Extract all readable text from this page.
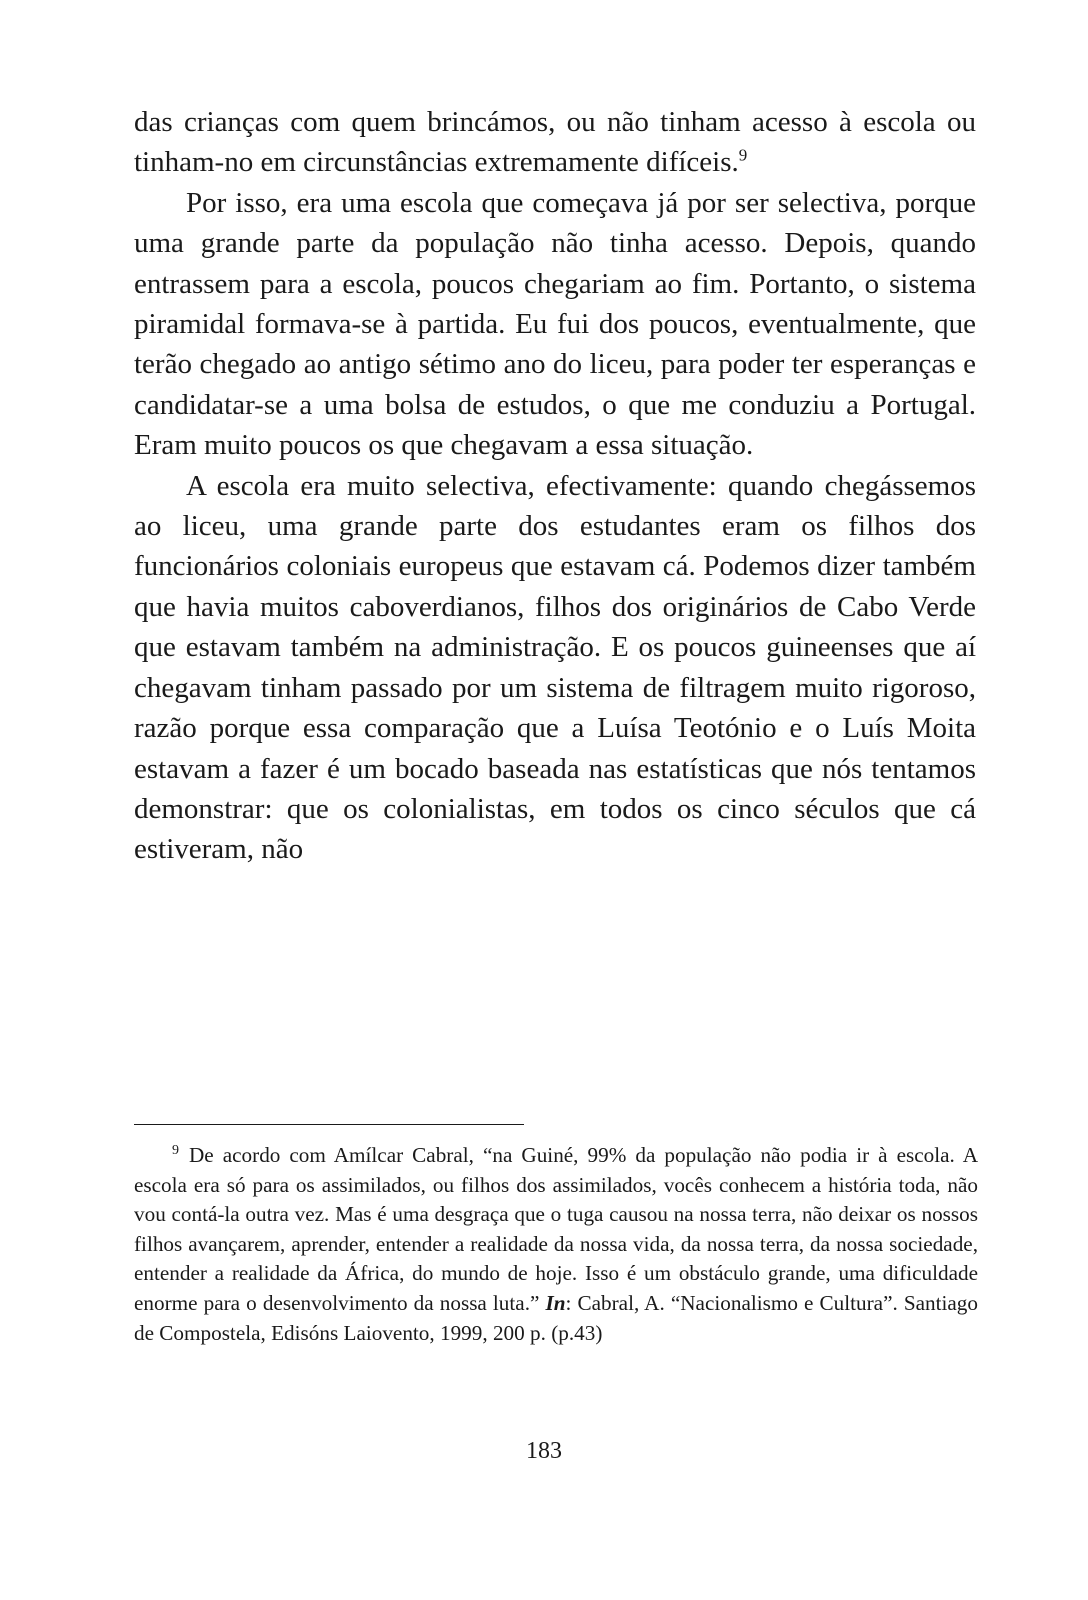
das crianças com quem brincámos, ou não tinham acesso à escola ou tinham-no em circunstâncias extremamente difíceis.$^9$

Por isso, era uma escola que começava já por ser selectiva, porque uma grande parte da população não tinha acesso. Depois, quando entrassem para a escola, poucos chegariam ao fim. Portanto, o sistema piramidal formava-se à partida. Eu fui dos poucos, eventualmente, que terão chegado ao antigo sétimo ano do liceu, para poder ter esperanças e candidatar-se a uma bolsa de estudos, o que me conduziu a Portugal. Eram muito poucos os que chegavam a essa situação.

A escola era muito selectiva, efectivamente: quando chegássemos ao liceu, uma grande parte dos estudantes eram os filhos dos funcionários coloniais europeus que estavam cá. Podemos dizer também que havia muitos caboverdianos, filhos dos originários de Cabo Verde que estavam também na administração. E os poucos guineenses que aí chegavam tinham passado por um sistema de filtragem muito rigoroso, razão porque essa comparação que a Luísa Teotónio e o Luís Moita estavam a fazer é um bocado baseada nas estatísticas que nós tentamos demonstrar: que os colonialistas, em todos os cinco séculos que cá estiveram, não

$^9$ De acordo com Amílcar Cabral, “na Guiné, 99% da população não podia ir à escola. A escola era só para os assimilados, ou filhos dos assimilados, vocês conhecem a história toda, não vou contá-la outra vez. Mas é uma desgraça que o tuga causou na nossa terra, não deixar os nossos filhos avançarem, aprender, entender a realidade da nossa vida, da nossa terra, da nossa sociedade, entender a realidade da África, do mundo de hoje. Isso é um obstáculo grande, uma dificuldade enorme para o desenvolvimento da nossa luta.” In: Cabral, A. “Nacionalismo e Cultura”. Santiago de Compostela, Edisóns Laiovento, 1999, 200 p. (p.43)

183
